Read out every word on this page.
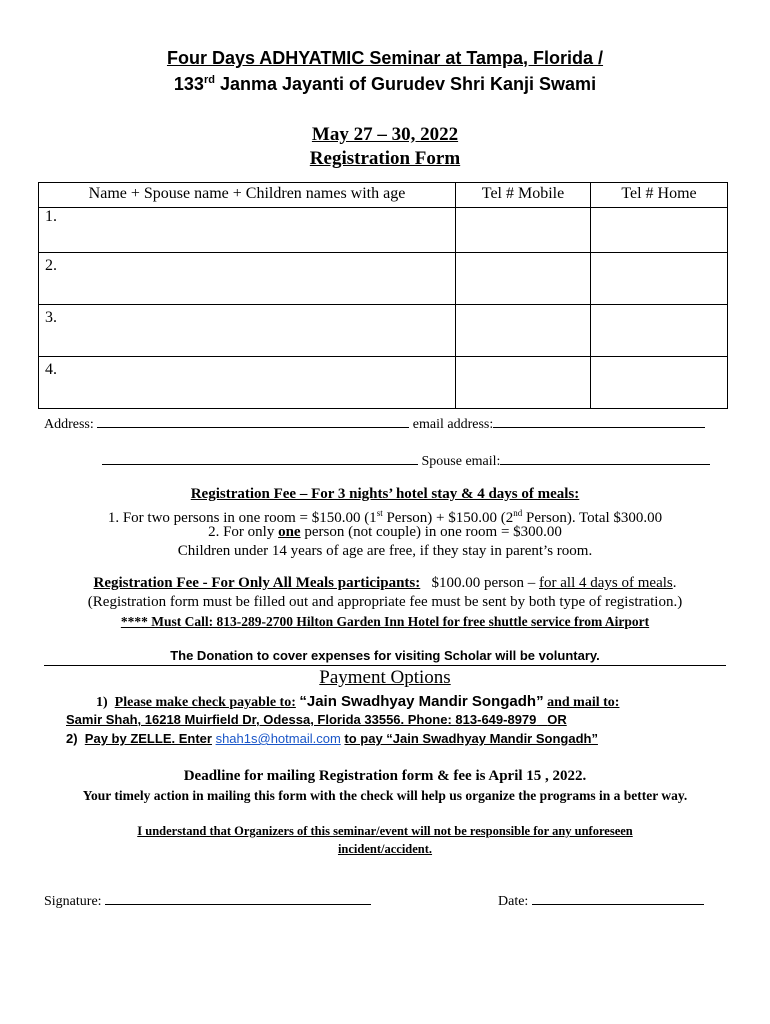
Four Days ADHYATMIC Seminar at Tampa, Florida /
133rd Janma Jayanti of Gurudev Shri Kanji Swami
May 27 – 30, 2022
Registration Form
Name + Spouse name + Children names with age	Tel # Mobile	Tel # Home
1.		
2.		
3.		
4.		
Address:	email address:
Spouse email:
Registration Fee – For 3 nights’ hotel stay & 4 days of meals:
1. For two persons in one room = $150.00 (1st Person) + $150.00 (2nd Person). Total $300.00
2. For only one person (not couple) in one room = $300.00
Children under 14 years of age are free, if they stay in parent’s room.
Registration Fee - For Only All Meals participants: $100.00 person – for all 4 days of meals.
(Registration form must be filled out and appropriate fee must be sent by both type of registration.)
**** Must Call: 813-289-2700 Hilton Garden Inn Hotel for free shuttle service from Airport
The Donation to cover expenses for visiting Scholar will be voluntary.
Payment Options
1) Please make check payable to: “Jain Swadhyay Mandir Songadh” and mail to:
Samir Shah, 16218 Muirfield Dr, Odessa, Florida 33556. Phone: 813-649-8979 OR
2) Pay by ZELLE. Enter shah1s@hotmail.com to pay “Jain Swadhyay Mandir Songadh”
Deadline for mailing Registration form & fee is April 15 , 2022.
Your timely action in mailing this form with the check will help us organize the programs in a better way.
I understand that Organizers of this seminar/event will not be responsible for any unforeseen
incident/accident.
Signature:	Date:
